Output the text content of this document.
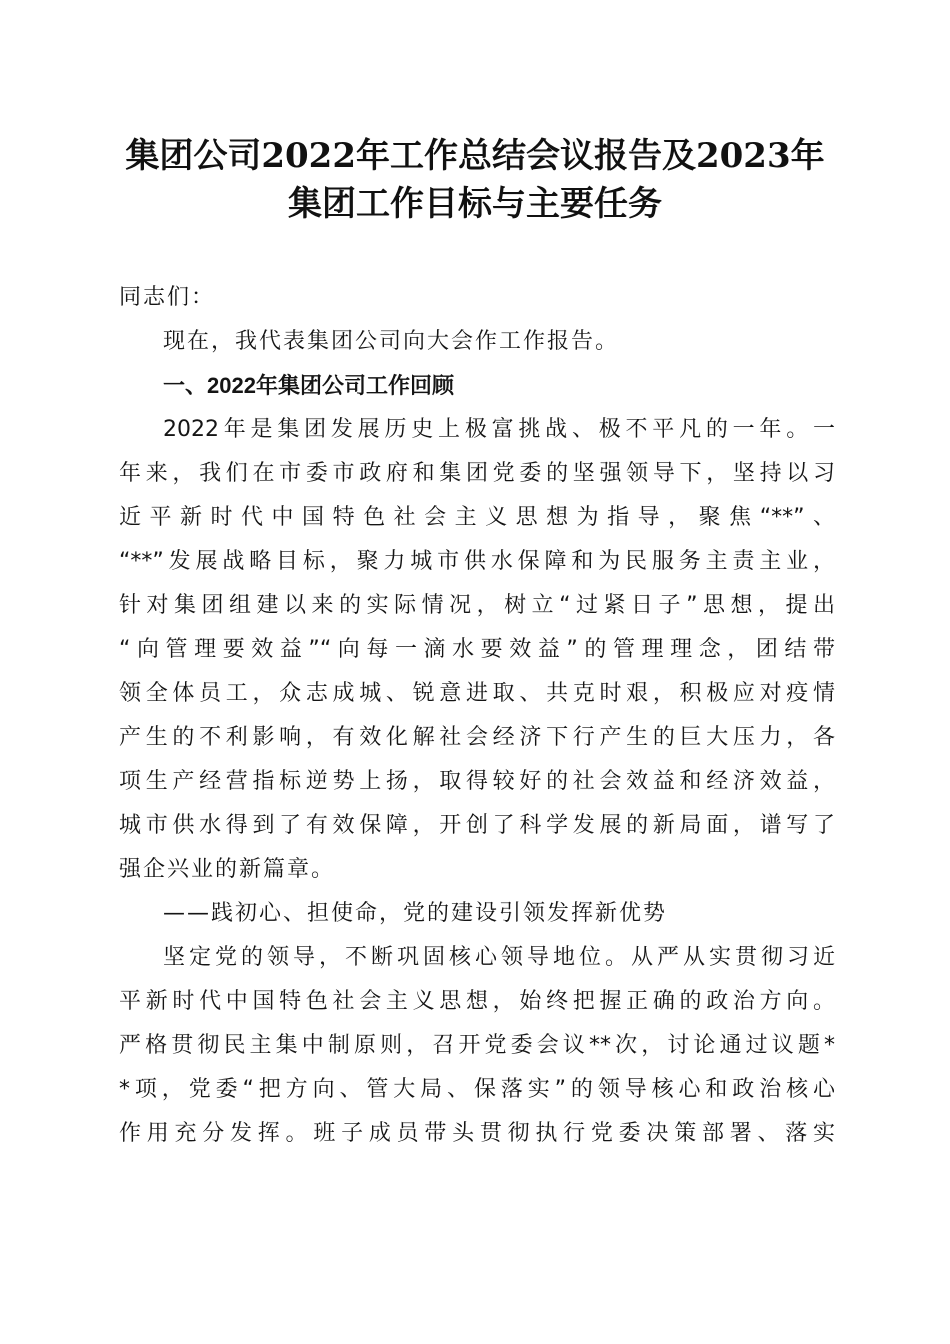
集团公司2022年工作总结会议报告及2023年
集团工作目标与主要任务
同志们：
现在，我代表集团公司向大会作工作报告。
一、2022年集团公司工作回顾
2022年是集团发展历史上极富挑战、极不平凡的一年。一
年来，我们在市委市政府和集团党委的坚强领导下，坚持以习
近平新时代中国特色社会主义思想为指导，聚焦“**”、
“**”发展战略目标，聚力城市供水保障和为民服务主责主业，
针对集团组建以来的实际情况，树立“过紧日子”思想，提出
“向管理要效益”“向每一滴水要效益”的管理理念，团结带
领全体员工，众志成城、锐意进取、共克时艰，积极应对疫情
产生的不利影响，有效化解社会经济下行产生的巨大压力，各
项生产经营指标逆势上扬，取得较好的社会效益和经济效益，
城市供水得到了有效保障，开创了科学发展的新局面，谱写了
强企兴业的新篇章。
——践初心、担使命，党的建设引领发挥新优势
坚定党的领导，不断巩固核心领导地位。从严从实贯彻习近
平新时代中国特色社会主义思想，始终把握正确的政治方向。
严格贯彻民主集中制原则，召开党委会议**次，讨论通过议题*
*项，党委“把方向、管大局、保落实”的领导核心和政治核心
作用充分发挥。班子成员带头贯彻执行党委决策部署、落实
